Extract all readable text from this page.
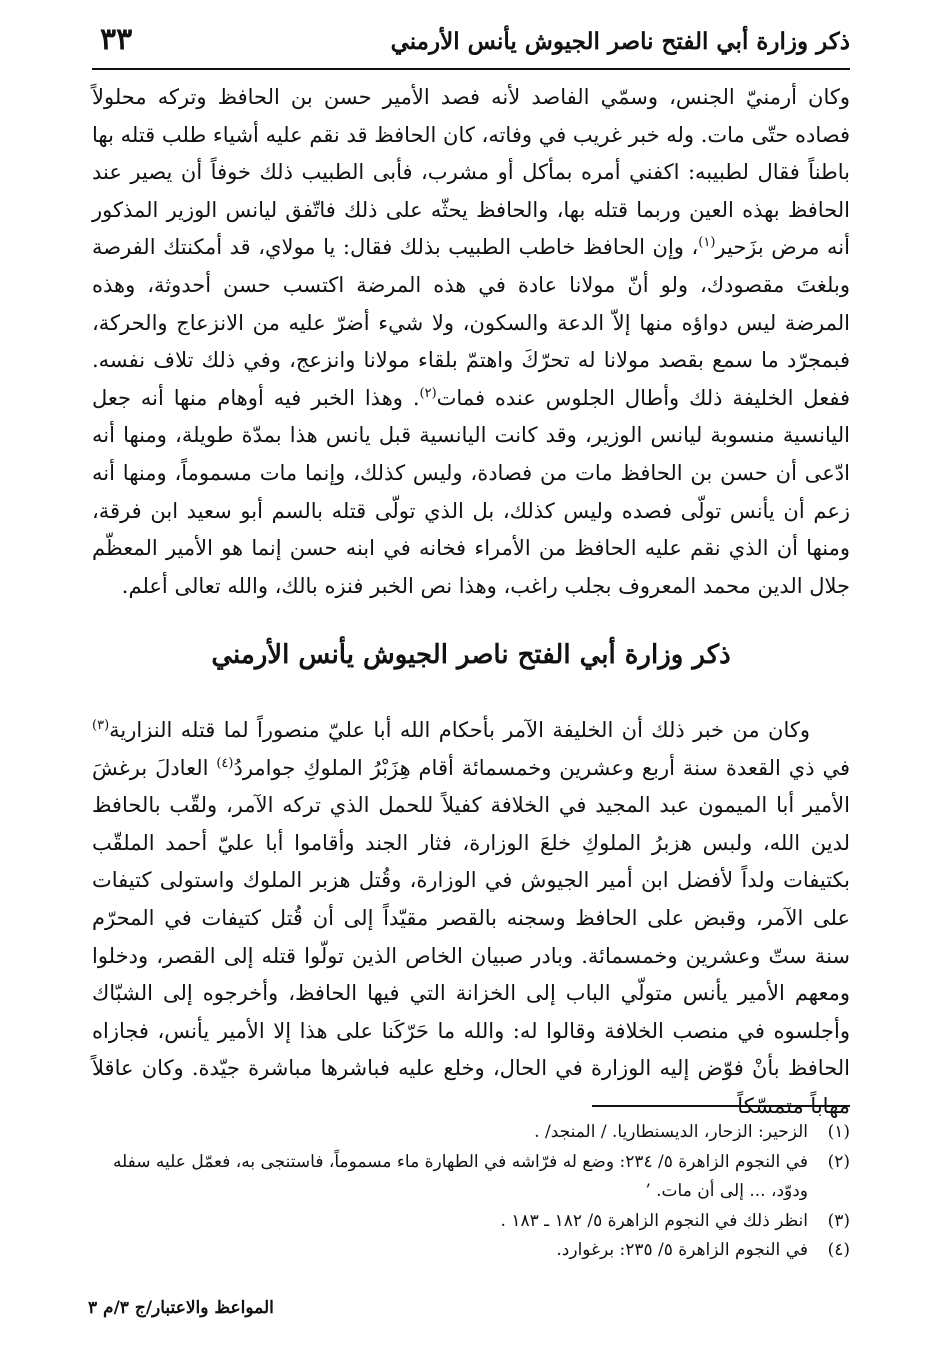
ذكر وزارة أبي الفتح ناصر الجيوش يأنس الأرمني
٣٣
وكان أرمنيّ الجنس، وسمّي الفاصد لأنه فصد الأمير حسن بن الحافظ وتركه محلولاً فصاده حتّى مات. وله خبر غريب في وفاته، كان الحافظ قد نقم عليه أشياء طلب قتله بها باطناً فقال لطبيبه: اكفني أمره بمأكل أو مشرب، فأبى الطبيب ذلك خوفاً أن يصير عند الحافظ بهذه العين وربما قتله بها، والحافظ يحثّه على ذلك فاتّفق ليانس الوزير المذكور أنه مرض بزَحير$^{(١)}$، وإن الحافظ خاطب الطبيب بذلك فقال: يا مولاي، قد أمكنتك الفرصة وبلغتَ مقصودك، ولو أنّ مولانا عادة في هذه المرضة اكتسب حسن أحدوثة، وهذه المرضة ليس دواؤه منها إلاّ الدعة والسكون، ولا شيء أضرّ عليه من الانزعاج والحركة، فبمجرّد ما سمع بقصد مولانا له تحرّكَ واهتمّ بلقاء مولانا وانزعج، وفي ذلك تلاف نفسه. ففعل الخليفة ذلك وأطال الجلوس عنده فمات$^{(٢)}$. وهذا الخبر فيه أوهام منها أنه جعل اليانسية منسوبة ليانس الوزير، وقد كانت اليانسية قبل يانس هذا بمدّة طويلة، ومنها أنه ادّعى أن حسن بن الحافظ مات من فصادة، وليس كذلك، وإنما مات مسموماً، ومنها أنه زعم أن يأنس تولّى فصده وليس كذلك، بل الذي تولّى قتله بالسم أبو سعيد ابن فرقة، ومنها أن الذي نقم عليه الحافظ من الأمراء فخانه في ابنه حسن إنما هو الأمير المعظّم جلال الدين محمد المعروف بجلب راغب، وهذا نص الخبر فنزه بالك، والله تعالى أعلم.
ذكر وزارة أبي الفتح ناصر الجيوش يأنس الأرمني
وكان من خبر ذلك أن الخليفة الآمر بأحكام الله أبا عليّ منصوراً لما قتله النزارية$^{(٣)}$ في ذي القعدة سنة أربع وعشرين وخمسمائة أقام هِزَبْرُ الملوكِ جوامردُ$^{(٤)}$ العادلَ برغشَ الأمير أبا الميمون عبد المجيد في الخلافة كفيلاً للحمل الذي تركه الآمر، ولقّب بالحافظ لدين الله، ولبس هزبرُ الملوكِ خلعَ الوزارة، فثار الجند وأقاموا أبا عليّ أحمد الملقّب بكتيفات ولداً لأفضل ابن أمير الجيوش في الوزارة، وقُتل هزبر الملوك واستولى كتيفات على الآمر، وقبض على الحافظ وسجنه بالقصر مقيّداً إلى أن قُتل كتيفات في المحرّم سنة ستّ وعشرين وخمسمائة. وبادر صبيان الخاص الذين تولّوا قتله إلى القصر، ودخلوا ومعهم الأمير يأنس متولّي الباب إلى الخزانة التي فيها الحافظ، وأخرجوه إلى الشبّاك وأجلسوه في منصب الخلافة وقالوا له: والله ما حَرّكَنا على هذا إلا الأمير يأنس، فجازاه الحافظ بأنْ فوّض إليه الوزارة في الحال، وخلع عليه فباشرها مباشرة جيّدة. وكان عاقلاً مهاباً متمسّكاً
(١)
الزحير: الزحار، الديسنطاريا. / المنجد/ .
(٢)
في النجوم الزاهرة ٥/ ٢٣٤: وضع له فرّاشه في الطهارة ماء مسموماً، فاستنجى به، فعمّل عليه سفله ودوّد، ... إلى أن مات. ’
(٣)
انظر ذلك في النجوم الزاهرة ٥/ ١٨٢ ـ ١٨٣ .
(٤)
في النجوم الزاهرة ٥/ ٢٣٥: برغوارد.
المواعظ والاعتبار/ج ٣/م ٣
